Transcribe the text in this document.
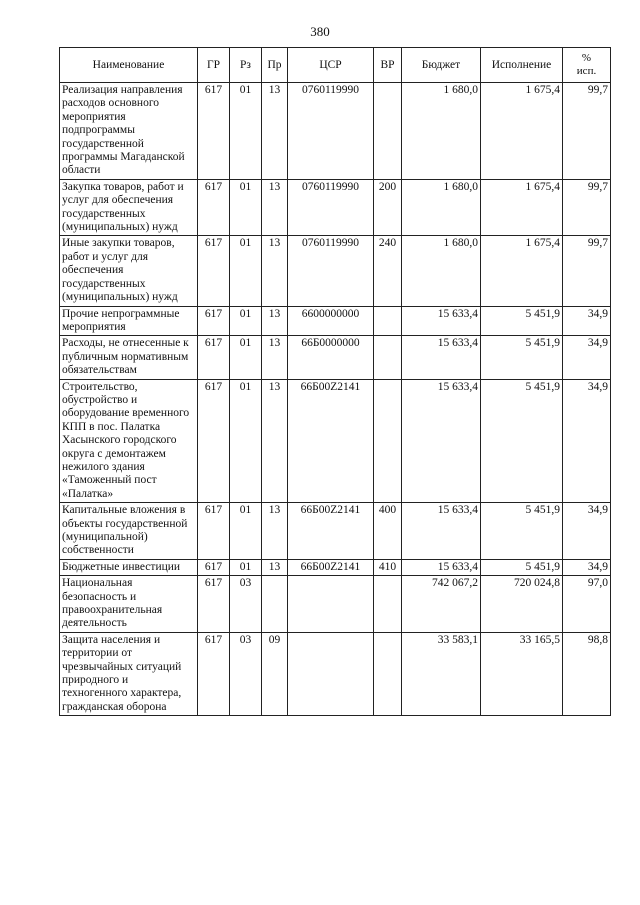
380
Наименование	ГР	Рз	Пр	ЦСР	ВР	Бюджет	Исполнение	%
исп.
Реализация направления расходов основного мероприятия подпрограммы государственной программы Магаданской области	617	01	13	0760119990		1 680,0	1 675,4	99,7
Закупка товаров, работ и услуг для обеспечения государственных (муниципальных) нужд	617	01	13	0760119990	200	1 680,0	1 675,4	99,7
Иные закупки товаров, работ и услуг для обеспечения государственных (муниципальных) нужд	617	01	13	0760119990	240	1 680,0	1 675,4	99,7
Прочие непрограммные мероприятия	617	01	13	6600000000		15 633,4	5 451,9	34,9
Расходы, не отнесенные к публичным нормативным обязательствам	617	01	13	66Б0000000		15 633,4	5 451,9	34,9
Строительство, обустройство и оборудование временного КПП в пос. Палатка Хасынского городского округа с демонтажем нежилого здания «Таможенный пост «Палатка»	617	01	13	66Б00Z2141		15 633,4	5 451,9	34,9
Капитальные вложения в объекты государственной (муниципальной) собственности	617	01	13	66Б00Z2141	400	15 633,4	5 451,9	34,9
Бюджетные инвестиции	617	01	13	66Б00Z2141	410	15 633,4	5 451,9	34,9
Национальная безопасность и правоохранительная деятельность	617	03				742 067,2	720 024,8	97,0
Защита населения и территории от чрезвычайных ситуаций природного и техногенного характера, гражданская оборона	617	03	09			33 583,1	33 165,5	98,8
